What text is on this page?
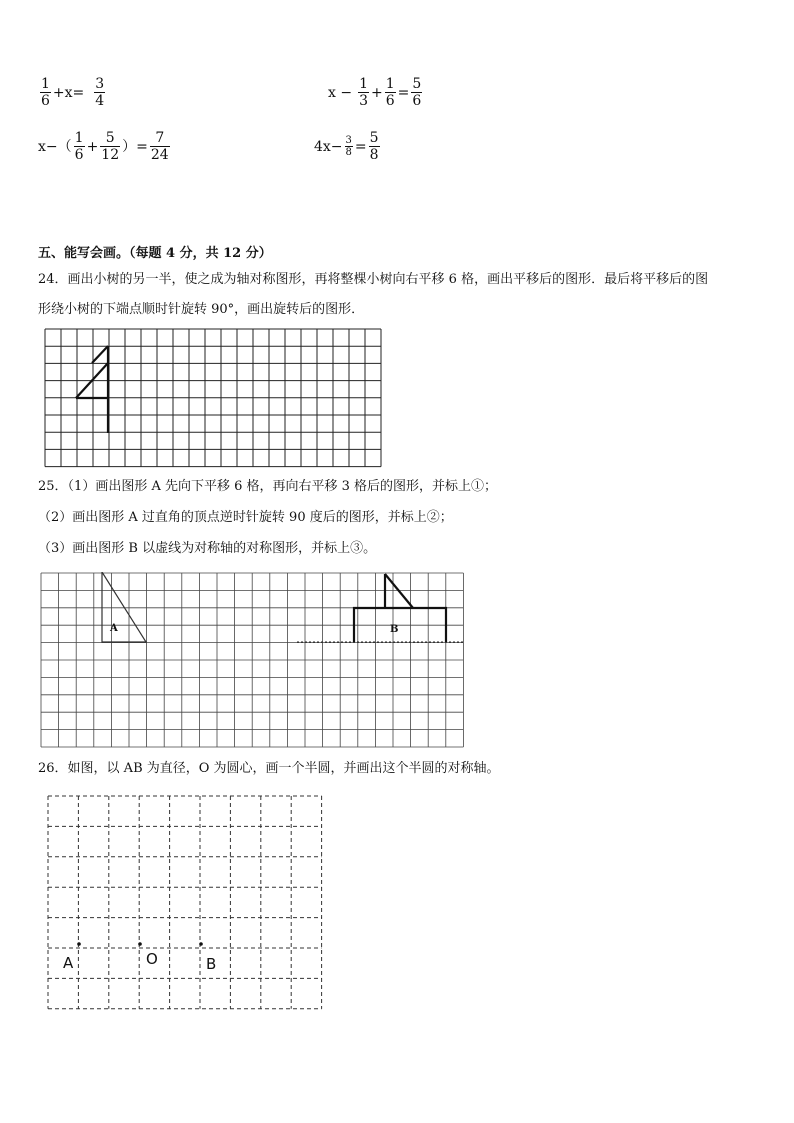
$\frac{1}{6} +x= \frac{3}{4}$	$x - \frac{1}{3} + \frac{1}{6} = \frac{5}{6}$
$x-( \frac{1}{6} + \frac{5}{12}$ ）= $\frac{7}{24}$	$4x- \frac{3}{8} = \frac{5}{8}$
五、能写会画。（每题 4 分，共 12 分）
24．画出小树的另一半，使之成为轴对称图形，再将整棵小树向右平移 6 格，画出平移后的图形．最后将平移后的图
形绕小树的下端点顺时针旋转 90°，画出旋转后的图形．
25．（1）画出图形 A 先向下平移 6 格，再向右平移 3 格后的图形，并标上①；
（2）画出图形 A 过直角的顶点逆时针旋转 90 度后的图形，并标上②；
（3）画出图形 B 以虚线为对称轴的对称图形，并标上③。
A	B
26．如图，以 AB 为直径，O 为圆心，画一个半圆，并画出这个半圆的对称轴。
A	O	B
